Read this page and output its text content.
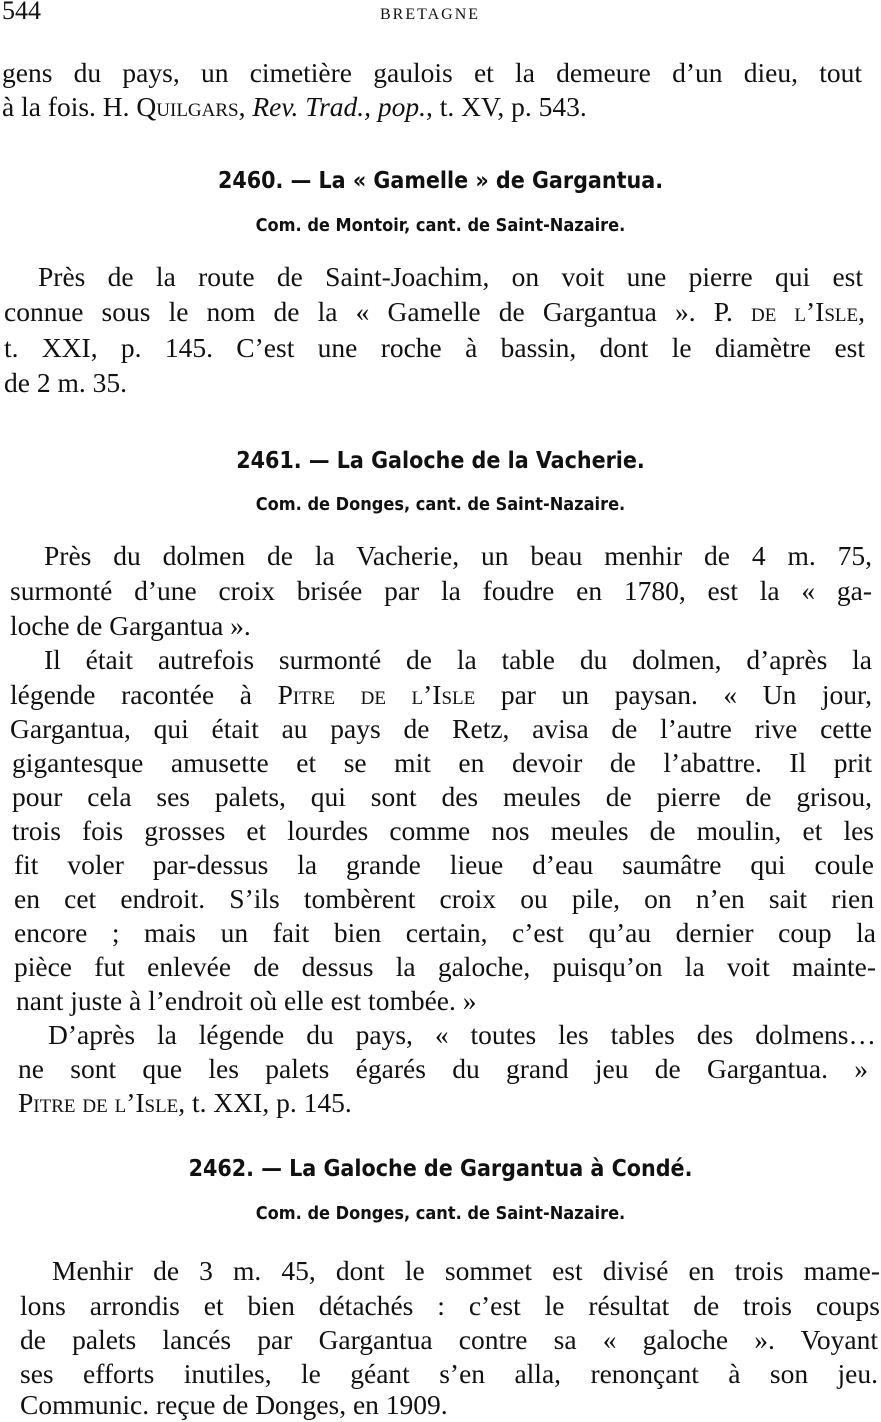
544	BRETAGNE
gens du pays, un cimetière gaulois et la demeure d’un dieu, tout
à la fois. H. Quilgars, Rev. Trad., pop., t. XV, p. 543.
2460. — La « Gamelle » de Gargantua.
Com. de Montoir, cant. de Saint-Nazaire.
Près de la route de Saint-Joachim, on voit une pierre qui est
connue sous le nom de la « Gamelle de Gargantua ». P. de l’Isle,
t. XXI, p. 145. C’est une roche à bassin, dont le diamètre est
de 2 m. 35.
2461. — La Galoche de la Vacherie.
Com. de Donges, cant. de Saint-Nazaire.
Près du dolmen de la Vacherie, un beau menhir de 4 m. 75,
surmonté d’une croix brisée par la foudre en 1780, est la « ga-
loche de Gargantua ».
Il était autrefois surmonté de la table du dolmen, d’après la
légende racontée à Pitre de l’Isle par un paysan. « Un jour,
Gargantua, qui était au pays de Retz, avisa de l’autre rive cette
gigantesque amusette et se mit en devoir de l’abattre. Il prit
pour cela ses palets, qui sont des meules de pierre de grisou,
trois fois grosses et lourdes comme nos meules de moulin, et les
fit voler par-dessus la grande lieue d’eau saumâtre qui coule
en cet endroit. S’ils tombèrent croix ou pile, on n’en sait rien
encore ; mais un fait bien certain, c’est qu’au dernier coup la
pièce fut enlevée de dessus la galoche, puisqu’on la voit mainte-
nant juste à l’endroit où elle est tombée. »
D’après la légende du pays, « toutes les tables des dolmens…
ne sont que les palets égarés du grand jeu de Gargantua. »
Pitre de l’Isle, t. XXI, p. 145.
2462. — La Galoche de Gargantua à Condé.
Com. de Donges, cant. de Saint-Nazaire.
Menhir de 3 m. 45, dont le sommet est divisé en trois mame-
lons arrondis et bien détachés : c’est le résultat de trois coups
de palets lancés par Gargantua contre sa « galoche ». Voyant
ses efforts inutiles, le géant s’en alla, renonçant à son jeu.
Communic. reçue de Donges, en 1909.
